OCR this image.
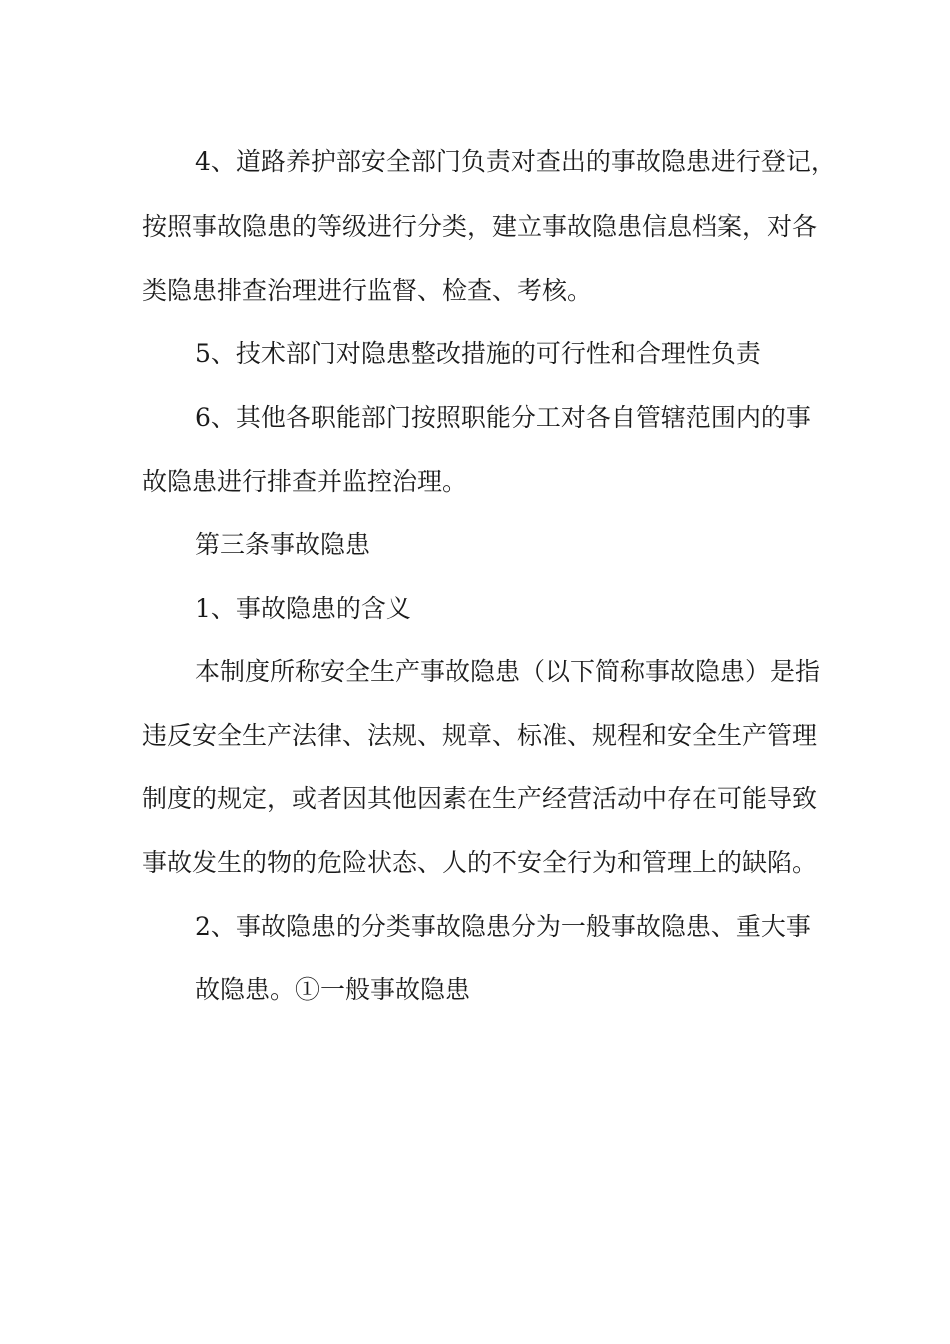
4、道路养护部安全部门负责对查出的事故隐患进行登记，
按照事故隐患的等级进行分类，建立事故隐患信息档案，对各
类隐患排查治理进行监督、检查、考核。
5、技术部门对隐患整改措施的可行性和合理性负责
6、其他各职能部门按照职能分工对各自管辖范围内的事
故隐患进行排查并监控治理。
第三条事故隐患
1、事故隐患的含义
本制度所称安全生产事故隐患（以下简称事故隐患）是指
违反安全生产法律、法规、规章、标准、规程和安全生产管理
制度的规定，或者因其他因素在生产经营活动中存在可能导致
事故发生的物的危险状态、人的不安全行为和管理上的缺陷。
2、事故隐患的分类事故隐患分为一般事故隐患、重大事
故隐患。①一般事故隐患
